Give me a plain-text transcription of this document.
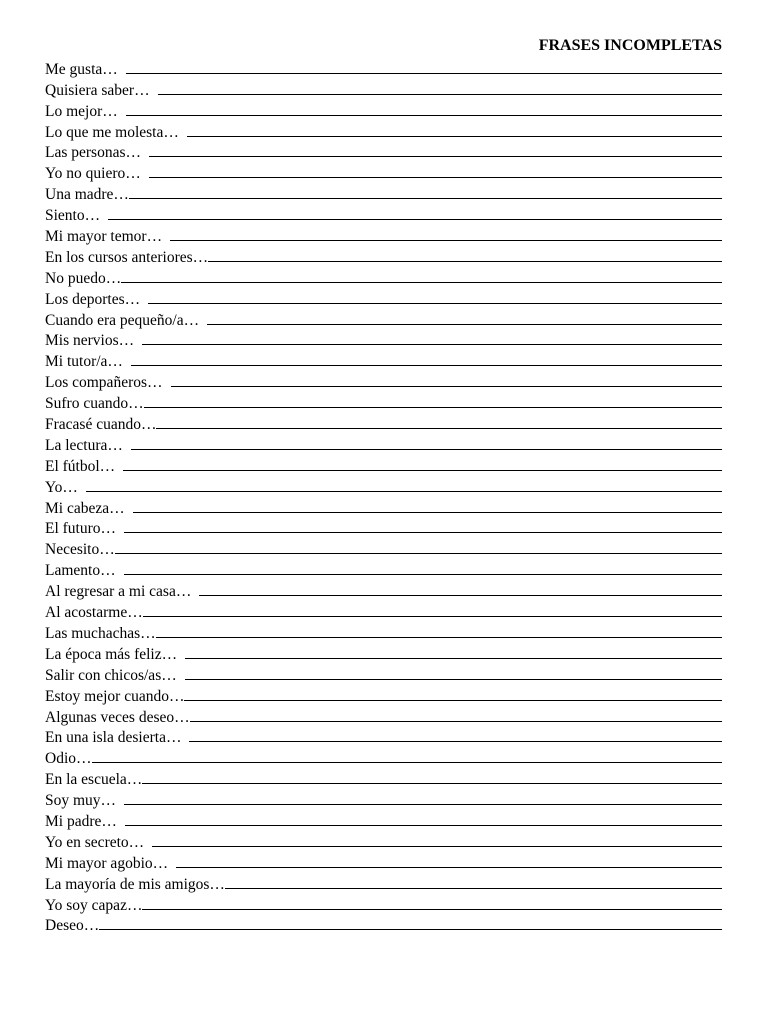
FRASES INCOMPLETAS
Me gusta…
Quisiera saber…
Lo mejor…
Lo que me molesta…
Las personas…
Yo no quiero…
Una madre…
Siento…
Mi mayor temor…
En los cursos anteriores…
No puedo…
Los deportes…
Cuando era pequeño/a…
Mis nervios…
Mi tutor/a…
Los compañeros…
Sufro cuando…
Fracasé cuando…
La lectura…
El fútbol…
Yo…
Mi cabeza…
El futuro…
Necesito…
Lamento…
Al regresar a mi casa…
Al acostarme…
Las muchachas…
La época más feliz…
Salir con chicos/as…
Estoy mejor cuando…
Algunas veces deseo…
En una isla desierta…
Odio…
En la escuela…
Soy muy…
Mi padre…
Yo en secreto…
Mi mayor agobio…
La mayoría de mis amigos…
Yo soy capaz…
Deseo…
